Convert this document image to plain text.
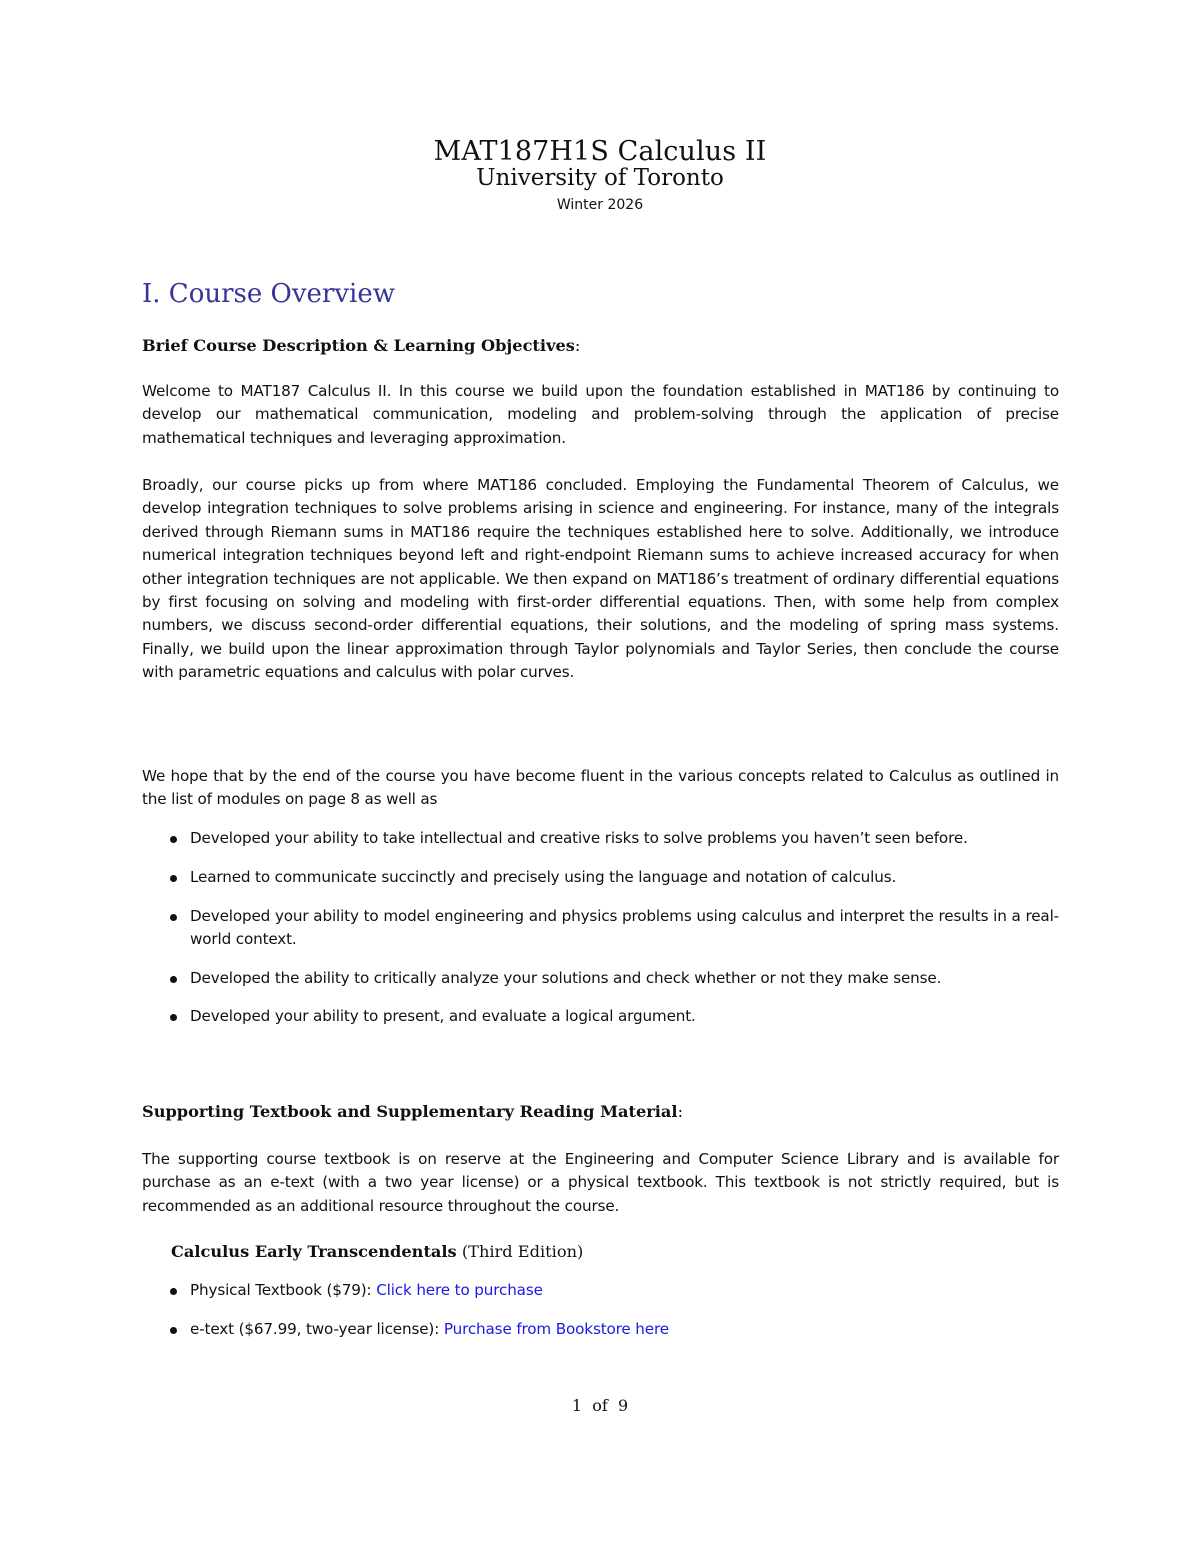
MAT187H1S Calculus II
University of Toronto
Winter 2026
I. Course Overview
Brief Course Description & Learning Objectives:

Welcome to MAT187 Calculus II. In this course we build upon the foundation established in MAT186 by continuing to develop our mathematical communication, modeling and problem-solving through the application of precise mathematical techniques and leveraging approximation.

Broadly, our course picks up from where MAT186 concluded. Employing the Fundamental Theorem of Calculus, we develop integration techniques to solve problems arising in science and engineering. For instance, many of the integrals derived through Riemann sums in MAT186 require the techniques established here to solve. Additionally, we introduce numerical integration techniques beyond left and right-endpoint Riemann sums to achieve increased accuracy for when other integration techniques are not applicable. We then expand on MAT186’s treatment of ordinary differential equations by first focusing on solving and modeling with first-order differential equations. Then, with some help from complex numbers, we discuss second-order differential equations, their solutions, and the modeling of spring mass systems. Finally, we build upon the linear approximation through Taylor polynomials and Taylor Series, then conclude the course with parametric equations and calculus with polar curves.

We hope that by the end of the course you have become fluent in the various concepts related to Calculus as outlined in the list of modules on page 8 as well as

Developed your ability to take intellectual and creative risks to solve problems you haven’t seen before.
Learned to communicate succinctly and precisely using the language and notation of calculus.
Developed your ability to model engineering and physics problems using calculus and interpret the results in a real-world context.
Developed the ability to critically analyze your solutions and check whether or not they make sense.
Developed your ability to present, and evaluate a logical argument.
Supporting Textbook and Supplementary Reading Material:

The supporting course textbook is on reserve at the Engineering and Computer Science Library and is available for purchase as an e-text (with a two year license) or a physical textbook. This textbook is not strictly required, but is recommended as an additional resource throughout the course.

Calculus Early Transcendentals (Third Edition)
Physical Textbook ($79): Click here to purchase
e-text ($67.99, two-year license): Purchase from Bookstore here
1  of  9
